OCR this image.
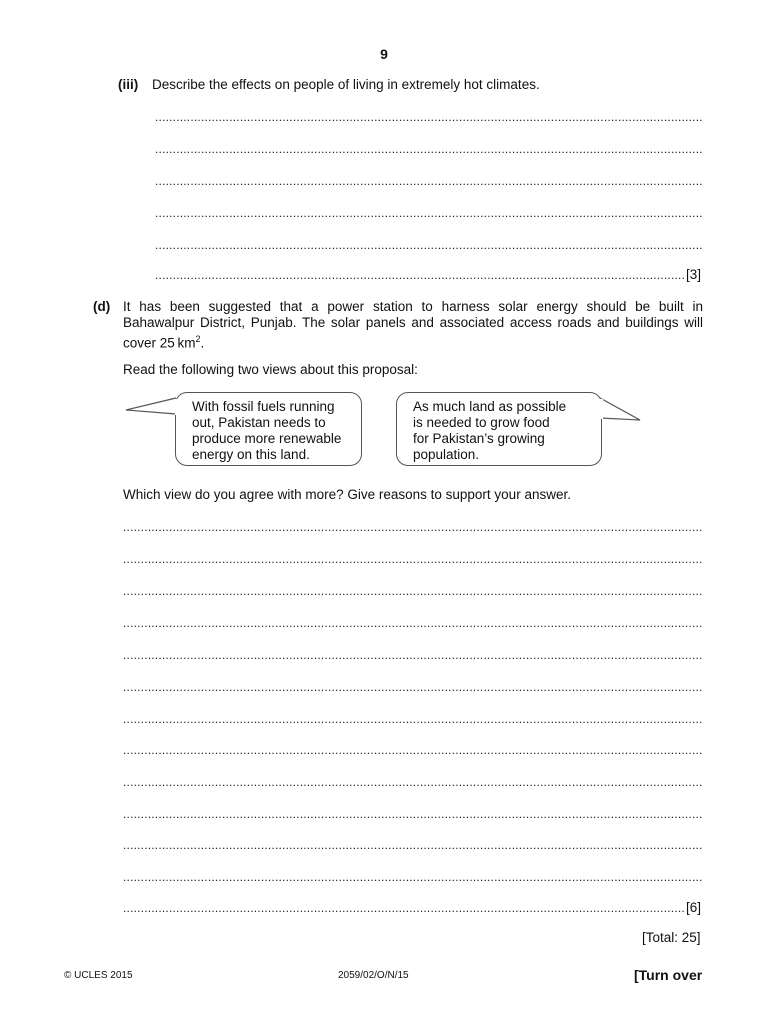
9
(iii) Describe the effects on people of living in extremely hot climates.
.....
.....
.....
.....
.....
.....
[3]
(d) It has been suggested that a power station to harness solar energy should be built in
Bahawalpur District, Punjab. The solar panels and associated access roads and buildings will
cover 25 $km^2$.
Read the following two views about this proposal:
With fossil fuels running
out, Pakistan needs to
produce more renewable
energy on this land.
As much land as possible
is needed to grow food
for Pakistan’s growing
population.
Which view do you agree with more? Give reasons to support your answer.
.....
.....
.....
.....
.....
.....
.....
.....
.....
.....
.....
.....
.....
[6]
[Total: 25]
© UCLES 2015	2059/02/O/N/15	[Turn over
